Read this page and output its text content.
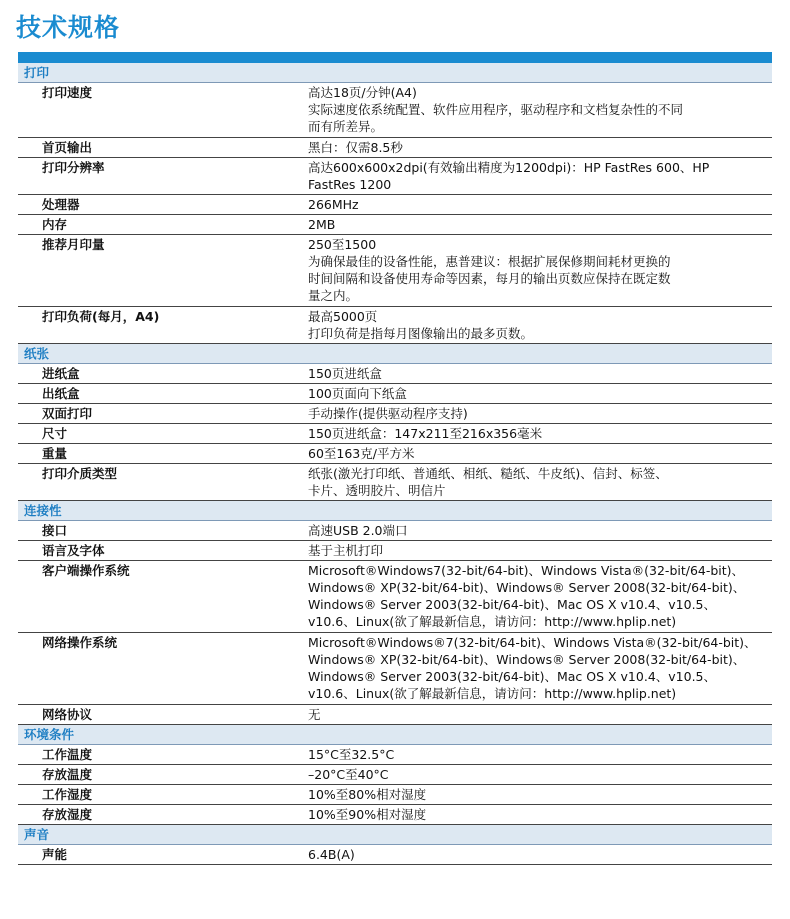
技术规格
打印
打印速度	高达18页/分钟(A4)
实际速度依系统配置、软件应用程序，驱动程序和文档复杂性的不同
而有所差异。
首页输出	黑白：仅需8.5秒
打印分辨率	高达600x600x2dpi(有效输出精度为1200dpi)：HP FastRes 600、HP
FastRes 1200
处理器	266MHz
内存	2MB
推荐月印量	250至1500
为确保最佳的设备性能，惠普建议：根据扩展保修期间耗材更换的
时间间隔和设备使用寿命等因素，每月的输出页数应保持在既定数
量之内。
打印负荷(每月，A4)	最高5000页
打印负荷是指每月图像输出的最多页数。
纸张
进纸盒	150页进纸盒
出纸盒	100页面向下纸盒
双面打印	手动操作(提供驱动程序支持)
尺寸	150页进纸盒：147x211至216x356毫米
重量	60至163克/平方米
打印介质类型	纸张(激光打印纸、普通纸、相纸、糙纸、牛皮纸)、信封、标签、
卡片、透明胶片、明信片
连接性
接口	高速USB 2.0端口
语言及字体	基于主机打印
客户端操作系统	Microsoft®Windows7(32-bit/64-bit)、Windows Vista®(32-bit/64-bit)、
Windows® XP(32-bit/64-bit)、Windows® Server 2008(32-bit/64-bit)、
Windows® Server 2003(32-bit/64-bit)、Mac OS X v10.4、v10.5、
v10.6、Linux(欲了解最新信息，请访问：http://www.hplip.net)
网络操作系统	Microsoft®Windows®7(32-bit/64-bit)、Windows Vista®(32-bit/64-bit)、
Windows® XP(32-bit/64-bit)、Windows® Server 2008(32-bit/64-bit)、
Windows® Server 2003(32-bit/64-bit)、Mac OS X v10.4、v10.5、
v10.6、Linux(欲了解最新信息，请访问：http://www.hplip.net)
网络协议	无
环境条件
工作温度	15°C至32.5°C
存放温度	–20°C至40°C
工作湿度	10%至80%相对湿度
存放湿度	10%至90%相对湿度
声音
声能	6.4B(A)
